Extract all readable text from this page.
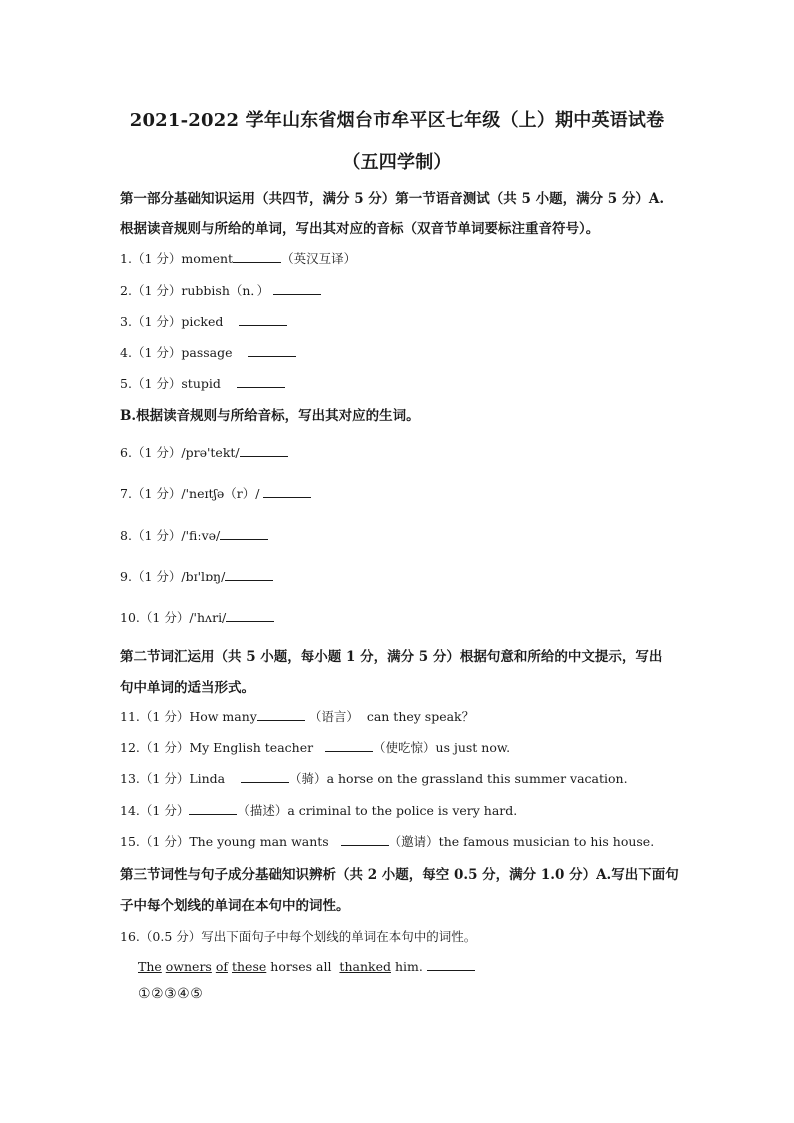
2021-2022 学年山东省烟台市牟平区七年级（上）期中英语试卷
（五四学制）
第一部分基础知识运用（共四节，满分 5 分）第一节语音测试（共 5 小题，满分 5 分）A.
根据读音规则与所给的单词，写出其对应的音标（双音节单词要标注重音符号）。
1.（1 分）moment	（英汉互译）
2.（1 分）rubbish（n．）
3.（1 分）picked
4.（1 分）passage
5.（1 分）stupid
B.根据读音规则与所给音标，写出其对应的生词。
6.（1 分）/prə'tekt/
7.（1 分）/'neɪtʃə（r）/
8.（1 分）/'fiːvə/
9.（1 分）/bɪ'lɒŋ/
10.（1 分）/'hʌri/
第二节词汇运用（共 5 小题，每小题 1 分，满分 5 分）根据句意和所给的中文提示，写出
句中单词的适当形式。
11.（1 分）How many	（语言） can they speak？
12.（1 分）My English teacher	（使吃惊）us just now.
13.（1 分）Linda	（骑）a horse on the grassland this summer vacation.
14.（1 分）	（描述）a criminal to the police is very hard.
15.（1 分）The young man wants	（邀请）the famous musician to his house.
第三节词性与句子成分基础知识辨析（共 2 小题，每空 0.5 分，满分 1.0 分）A.写出下面句
子中每个划线的单词在本句中的词性。
16.（0.5 分）写出下面句子中每个划线的单词在本句中的词性。
The owners of these horses all thanked him.
①②③④⑤
